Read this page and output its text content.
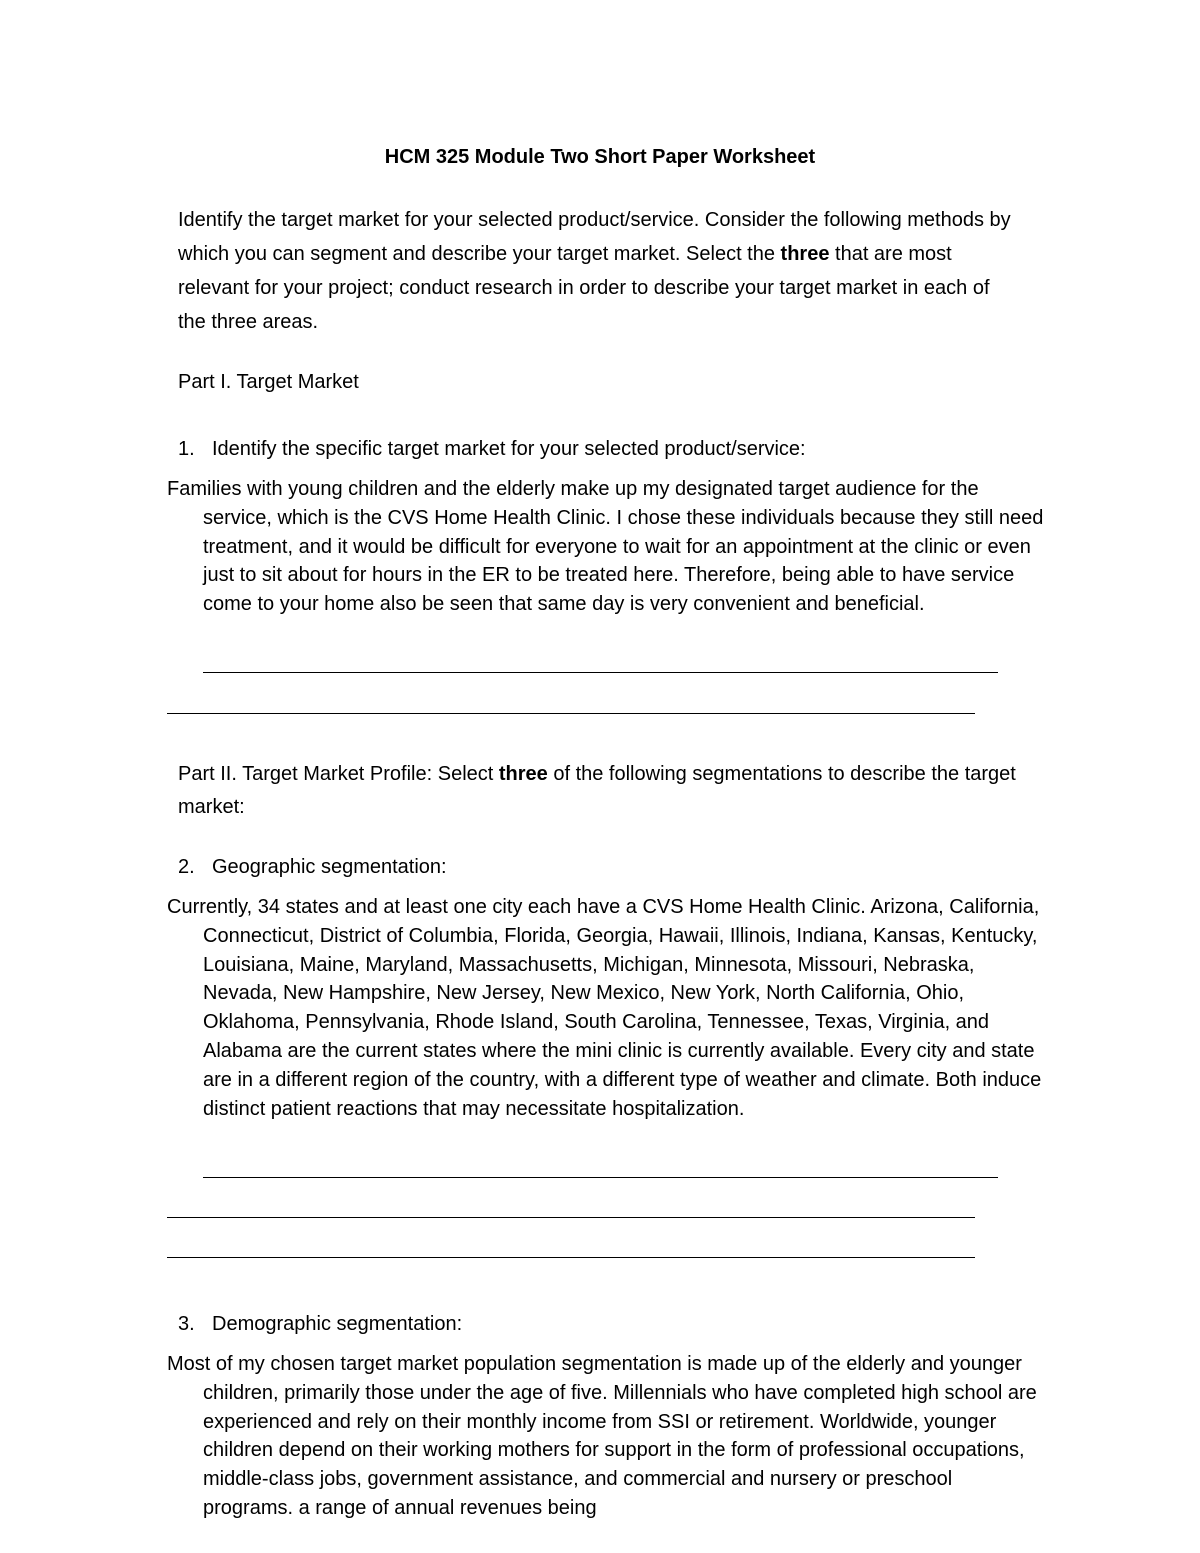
HCM 325 Module Two Short Paper Worksheet
Identify the target market for your selected product/service. Consider the following methods by which you can segment and describe your target market. Select the three that are most relevant for your project; conduct research in order to describe your target market in each of the three areas.
Part I. Target Market
1. Identify the specific target market for your selected product/service:
Families with young children and the elderly make up my designated target audience for the service, which is the CVS Home Health Clinic. I chose these individuals because they still need treatment, and it would be difficult for everyone to wait for an appointment at the clinic or even just to sit about for hours in the ER to be treated here. Therefore, being able to have service come to your home also be seen that same day is very convenient and beneficial.
Part II. Target Market Profile: Select three of the following segmentations to describe the target market:
2. Geographic segmentation:
Currently, 34 states and at least one city each have a CVS Home Health Clinic. Arizona, California, Connecticut, District of Columbia, Florida, Georgia, Hawaii, Illinois, Indiana, Kansas, Kentucky, Louisiana, Maine, Maryland, Massachusetts, Michigan, Minnesota, Missouri, Nebraska, Nevada, New Hampshire, New Jersey, New Mexico, New York, North California, Ohio, Oklahoma, Pennsylvania, Rhode Island, South Carolina, Tennessee, Texas, Virginia, and Alabama are the current states where the mini clinic is currently available. Every city and state are in a different region of the country, with a different type of weather and climate. Both induce distinct patient reactions that may necessitate hospitalization.
3. Demographic segmentation:
Most of my chosen target market population segmentation is made up of the elderly and younger children, primarily those under the age of five. Millennials who have completed high school are experienced and rely on their monthly income from SSI or retirement. Worldwide, younger children depend on their working mothers for support in the form of professional occupations, middle-class jobs, government assistance, and commercial and nursery or preschool programs. a range of annual revenues being
